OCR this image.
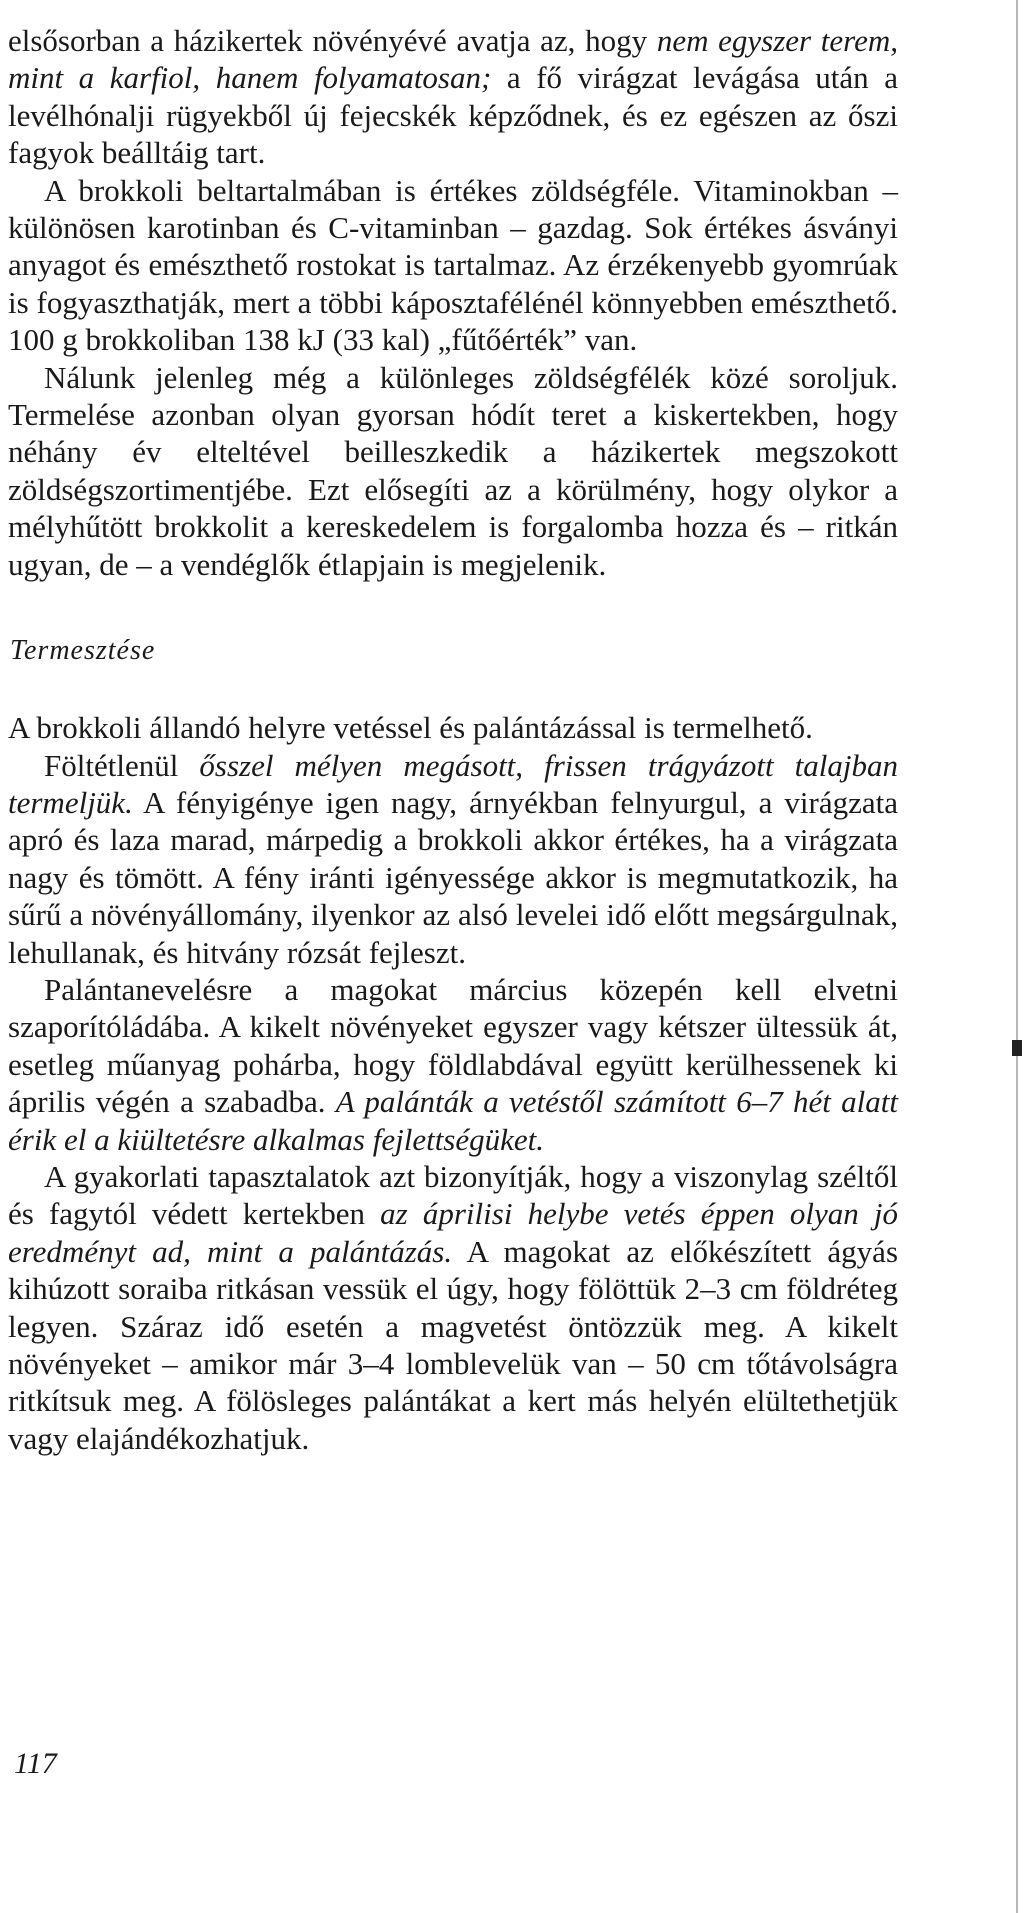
elsősorban a házikertek növényévé avatja az, hogy nem egyszer terem, mint a karfiol, hanem folyamatosan; a fő virágzat levágása után a levélhónalji rügyekből új fejecskék képződnek, és ez egészen az őszi fagyok beálltáig tart.

A brokkoli beltartalmában is értékes zöldségféle. Vitaminokban – különösen karotinban és C-vitaminban – gazdag. Sok értékes ásványi anyagot és emészthető rostokat is tartalmaz. Az érzékenyebb gyomrúak is fogyaszthatják, mert a többi káposztafélénél könnyebben emészthető. 100 g brokkoliban 138 kJ (33 kal) „fűtőérték” van.

Nálunk jelenleg még a különleges zöldségfélék közé soroljuk. Termelése azonban olyan gyorsan hódít teret a kiskertekben, hogy néhány év elteltével beilleszkedik a házikertek megszokott zöldségszortimentjébe. Ezt elősegíti az a körülmény, hogy olykor a mélyhűtött brokkolit a kereskedelem is forgalomba hozza és – ritkán ugyan, de – a vendéglők étlapjain is megjelenik.

Termesztése

A brokkoli állandó helyre vetéssel és palántázással is termelhető.

Föltétlenül ősszel mélyen megásott, frissen trágyázott talajban termeljük. A fényigénye igen nagy, árnyékban felnyurgul, a virágzata apró és laza marad, márpedig a brokkoli akkor értékes, ha a virágzata nagy és tömött. A fény iránti igényessége akkor is megmutatkozik, ha sűrű a növényállomány, ilyenkor az alsó levelei idő előtt megsárgulnak, lehullanak, és hitvány rózsát fejleszt.

Palántanevelésre a magokat március közepén kell elvetni szaporítóládába. A kikelt növényeket egyszer vagy kétszer ültessük át, esetleg műanyag pohárba, hogy földlabdával együtt kerülhessenek ki április végén a szabadba. A palánták a vetéstől számított 6–7 hét alatt érik el a kiültetésre alkalmas fejlettségüket.

A gyakorlati tapasztalatok azt bizonyítják, hogy a viszonylag széltől és fagytól védett kertekben az áprilisi helybe vetés éppen olyan jó eredményt ad, mint a palántázás. A magokat az előkészített ágyás kihúzott soraiba ritkásan vessük el úgy, hogy fölöttük 2–3 cm földréteg legyen. Száraz idő esetén a magvetést öntözzük meg. A kikelt növényeket – amikor már 3–4 lomblevelük van – 50 cm tőtávolságra ritkítsuk meg. A fölösleges palántákat a kert más helyén elültethetjük vagy elajándékozhatjuk.

117
